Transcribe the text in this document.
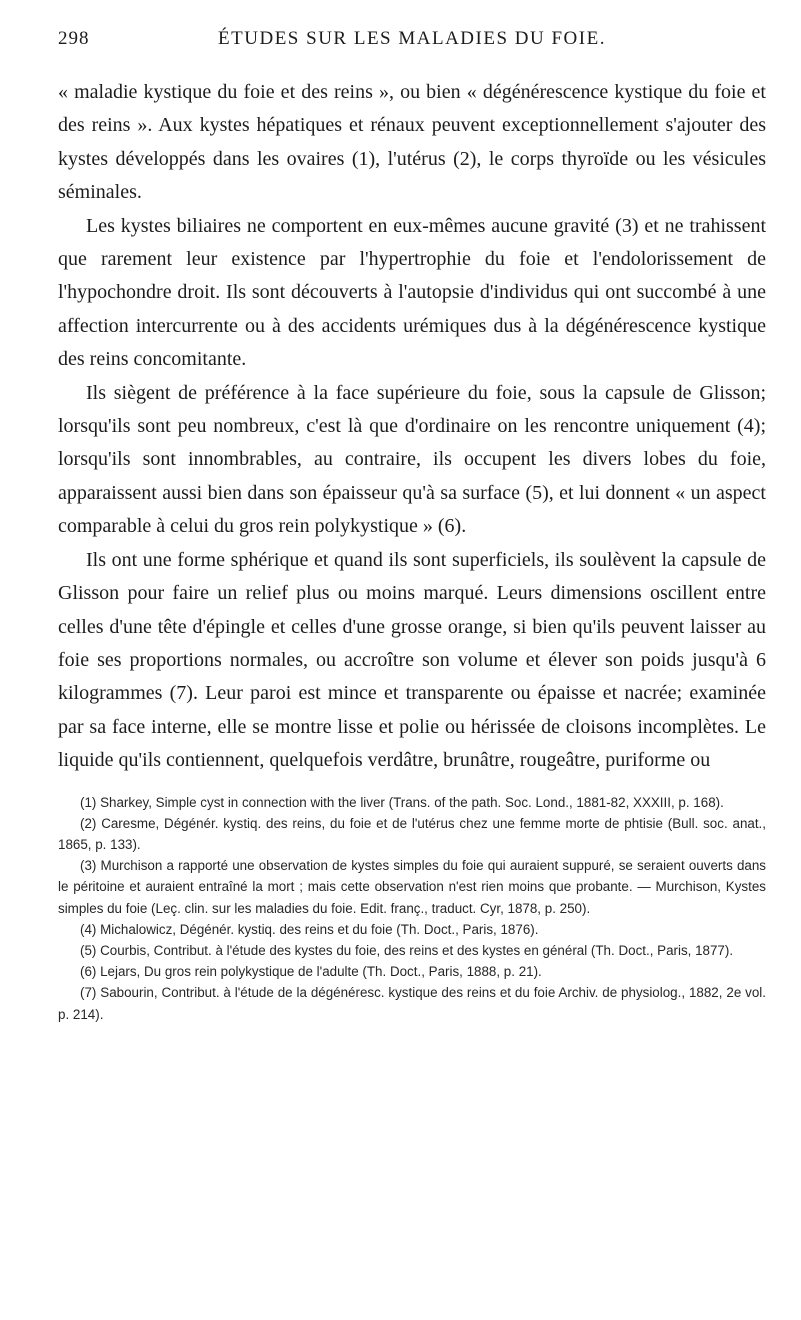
298	ÉTUDES SUR LES MALADIES DU FOIE.

« maladie kystique du foie et des reins », ou bien « dégénérescence kystique du foie et des reins ». Aux kystes hépatiques et rénaux peuvent exceptionnellement s'ajouter des kystes développés dans les ovaires (1), l'utérus (2), le corps thyroïde ou les vésicules séminales.

Les kystes biliaires ne comportent en eux-mêmes aucune gravité (3) et ne trahissent que rarement leur existence par l'hypertrophie du foie et l'endolorissement de l'hypochondre droit. Ils sont découverts à l'autopsie d'individus qui ont succombé à une affection intercurrente ou à des accidents urémiques dus à la dégénérescence kystique des reins concomitante.

Ils siègent de préférence à la face supérieure du foie, sous la capsule de Glisson; lorsqu'ils sont peu nombreux, c'est là que d'ordinaire on les rencontre uniquement (4); lorsqu'ils sont innombrables, au contraire, ils occupent les divers lobes du foie, apparaissent aussi bien dans son épaisseur qu'à sa surface (5), et lui donnent « un aspect comparable à celui du gros rein polykystique » (6).

Ils ont une forme sphérique et quand ils sont superficiels, ils soulèvent la capsule de Glisson pour faire un relief plus ou moins marqué. Leurs dimensions oscillent entre celles d'une tête d'épingle et celles d'une grosse orange, si bien qu'ils peuvent laisser au foie ses proportions normales, ou accroître son volume et élever son poids jusqu'à 6 kilogrammes (7). Leur paroi est mince et transparente ou épaisse et nacrée; examinée par sa face interne, elle se montre lisse et polie ou hérissée de cloisons incomplètes. Le liquide qu'ils contiennent, quelquefois verdâtre, brunâtre, rougeâtre, puriforme ou

(1) Sharkey, Simple cyst in connection with the liver (Trans. of the path. Soc. Lond., 1881-82, XXXIII, p. 168).

(2) Caresme, Dégénér. kystiq. des reins, du foie et de l'utérus chez une femme morte de phtisie (Bull. soc. anat., 1865, p. 133).

(3) Murchison a rapporté une observation de kystes simples du foie qui auraient suppuré, se seraient ouverts dans le péritoine et auraient entraîné la mort ; mais cette observation n'est rien moins que probante. — Murchison, Kystes simples du foie (Leç. clin. sur les maladies du foie. Edit. franç., traduct. Cyr, 1878, p. 250).

(4) Michalowicz, Dégénér. kystiq. des reins et du foie (Th. Doct., Paris, 1876).

(5) Courbis, Contribut. à l'étude des kystes du foie, des reins et des kystes en général (Th. Doct., Paris, 1877).

(6) Lejars, Du gros rein polykystique de l'adulte (Th. Doct., Paris, 1888, p. 21).

(7) Sabourin, Contribut. à l'étude de la dégénéresc. kystique des reins et du foie Archiv. de physiolog., 1882, 2e vol. p. 214).
